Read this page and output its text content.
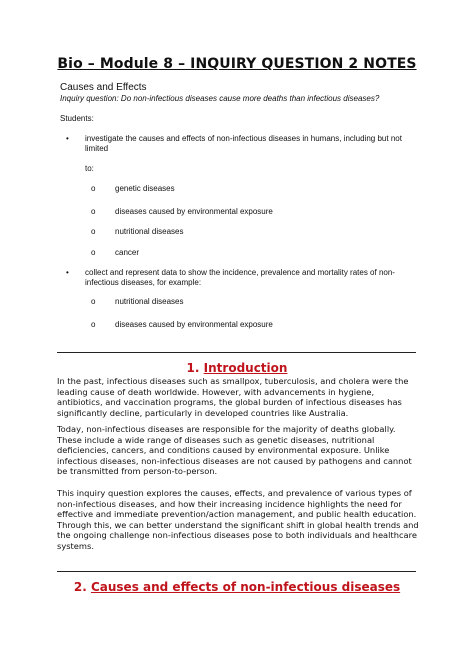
Bio – Module 8 – INQUIRY QUESTION 2 NOTES
Causes and Effects
Inquiry question: Do non-infectious diseases cause more deaths than infectious diseases?
Students:
• investigate the causes and effects of non-infectious diseases in humans, including but not limited
to:
o genetic diseases
o diseases caused by environmental exposure
o nutritional diseases
o cancer
• collect and represent data to show the incidence, prevalence and mortality rates of non-infectious diseases, for example:
o nutritional diseases
o diseases caused by environmental exposure
1. Introduction
In the past, infectious diseases such as smallpox, tuberculosis, and cholera were the leading cause of death worldwide. However, with advancements in hygiene, antibiotics, and vaccination programs, the global burden of infectious diseases has significantly decline, particularly in developed countries like Australia.
Today, non-infectious diseases are responsible for the majority of deaths globally. These include a wide range of diseases such as genetic diseases, nutritional deficiencies, cancers, and conditions caused by environmental exposure. Unlike infectious diseases, non-infectious diseases are not caused by pathogens and cannot be transmitted from person-to-person.
This inquiry question explores the causes, effects, and prevalence of various types of non-infectious diseases, and how their increasing incidence highlights the need for effective and immediate prevention/action management, and public health education. Through this, we can better understand the significant shift in global health trends and the ongoing challenge non-infectious diseases pose to both individuals and healthcare systems.
2. Causes and effects of non-infectious diseases
